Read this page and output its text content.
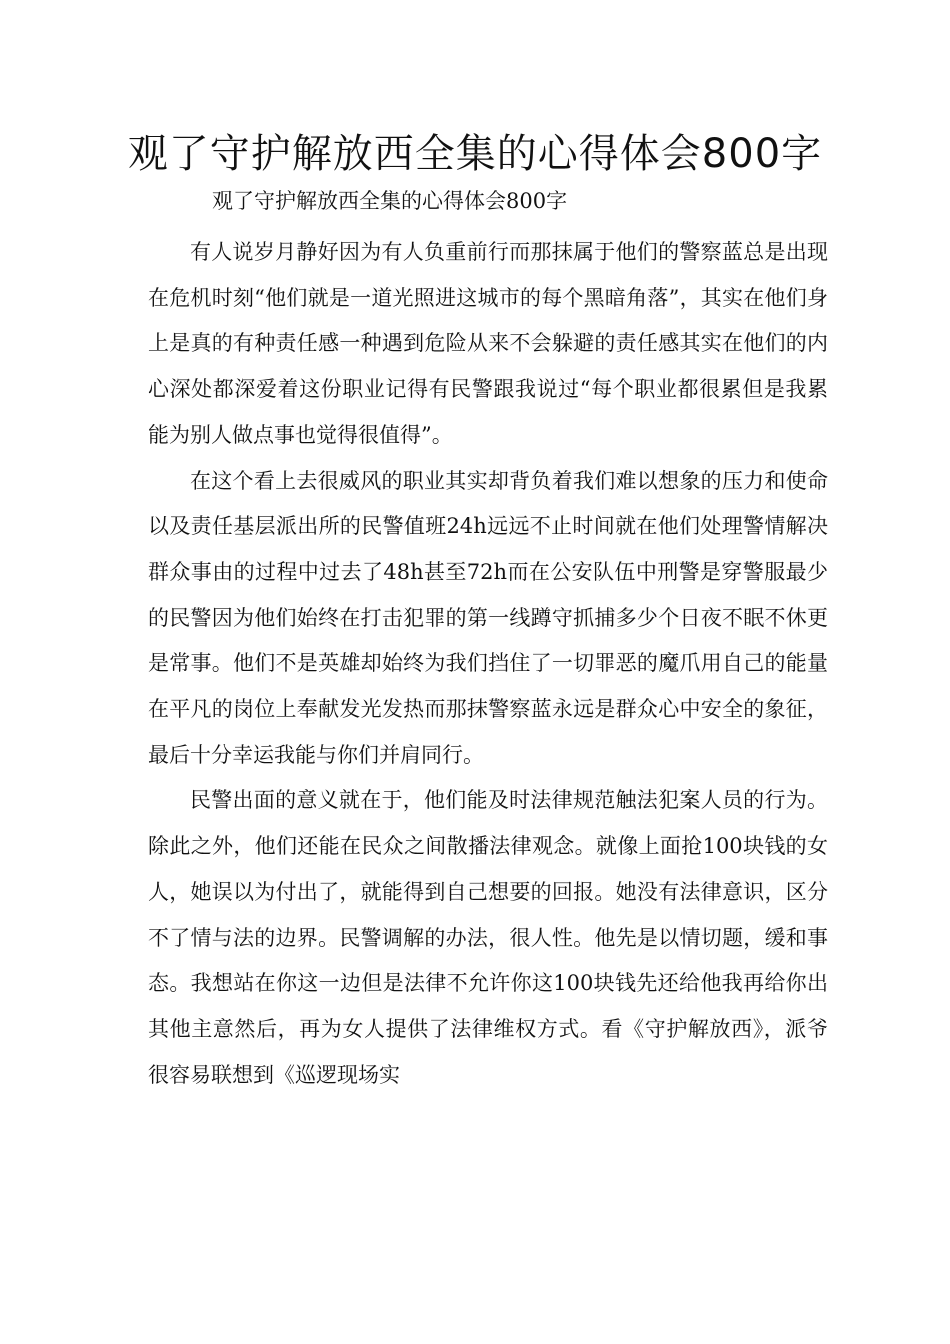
观了守护解放西全集的心得体会800字

观了守护解放西全集的心得体会800字

有人说岁月静好因为有人负重前行而那抹属于他们的警察蓝总是出现在危机时刻“他们就是一道光照进这城市的每个黑暗角落”，其实在他们身上是真的有种责任感一种遇到危险从来不会躲避的责任感其实在他们的内心深处都深爱着这份职业记得有民警跟我说过“每个职业都很累但是我累能为别人做点事也觉得很值得”。

在这个看上去很威风的职业其实却背负着我们难以想象的压力和使命以及责任基层派出所的民警值班24h远远不止时间就在他们处理警情解决群众事由的过程中过去了48h甚至72h而在公安队伍中刑警是穿警服最少的民警因为他们始终在打击犯罪的第一线蹲守抓捕多少个日夜不眠不休更是常事。他们不是英雄却始终为我们挡住了一切罪恶的魔爪用自己的能量在平凡的岗位上奉献发光发热而那抹警察蓝永远是群众心中安全的象征，最后十分幸运我能与你们并肩同行。

民警出面的意义就在于，他们能及时法律规范触法犯案人员的行为。除此之外，他们还能在民众之间散播法律观念。就像上面抢100块钱的女人，她误以为付出了，就能得到自己想要的回报。她没有法律意识，区分不了情与法的边界。民警调解的办法，很人性。他先是以情切题，缓和事态。我想站在你这一边但是法律不允许你这100块钱先还给他我再给你出其他主意然后，再为女人提供了法律维权方式。看《守护解放西》，派爷很容易联想到《巡逻现场实
